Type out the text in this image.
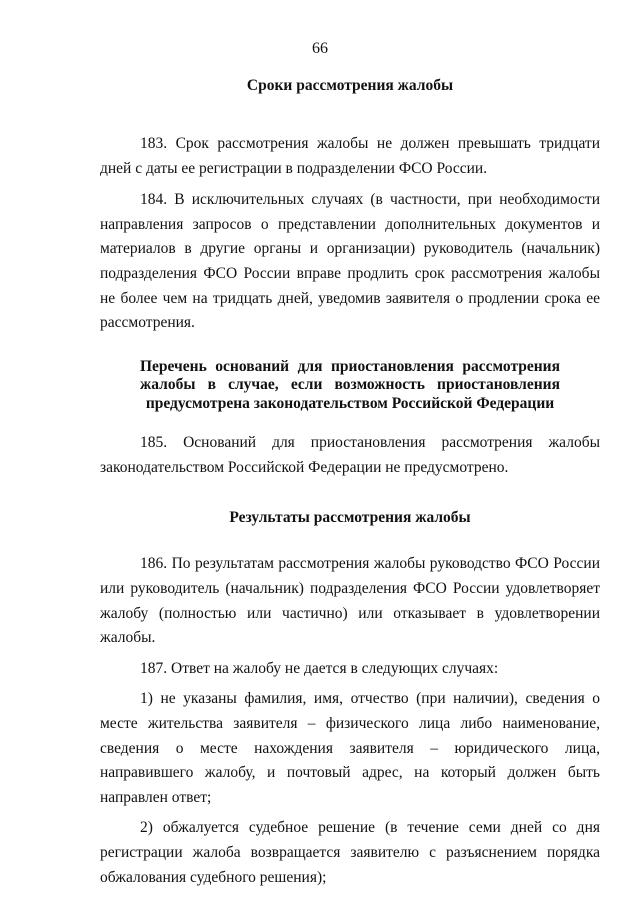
66

Сроки рассмотрения жалобы

183. Срок рассмотрения жалобы не должен превышать тридцати дней с даты ее регистрации в подразделении ФСО России.

184. В исключительных случаях (в частности, при необходимости направления запросов о представлении дополнительных документов и материалов в другие органы и организации) руководитель (начальник) подразделения ФСО России вправе продлить срок рассмотрения жалобы не более чем на тридцать дней, уведомив заявителя о продлении срока ее рассмотрения.

Перечень оснований для приостановления рассмотрения жалобы в случае, если возможность приостановления предусмотрена законодательством Российской Федерации

185. Оснований для приостановления рассмотрения жалобы законодательством Российской Федерации не предусмотрено.

Результаты рассмотрения жалобы

186. По результатам рассмотрения жалобы руководство ФСО России или руководитель (начальник) подразделения ФСО России удовлетворяет жалобу (полностью или частично) или отказывает в удовлетворении жалобы.

187. Ответ на жалобу не дается в следующих случаях:

1) не указаны фамилия, имя, отчество (при наличии), сведения о месте жительства заявителя – физического лица либо наименование, сведения о месте нахождения заявителя – юридического лица, направившего жалобу, и почтовый адрес, на который должен быть направлен ответ;

2) обжалуется судебное решение (в течение семи дней со дня регистрации жалоба возвращается заявителю с разъяснением порядка обжалования судебного решения);
